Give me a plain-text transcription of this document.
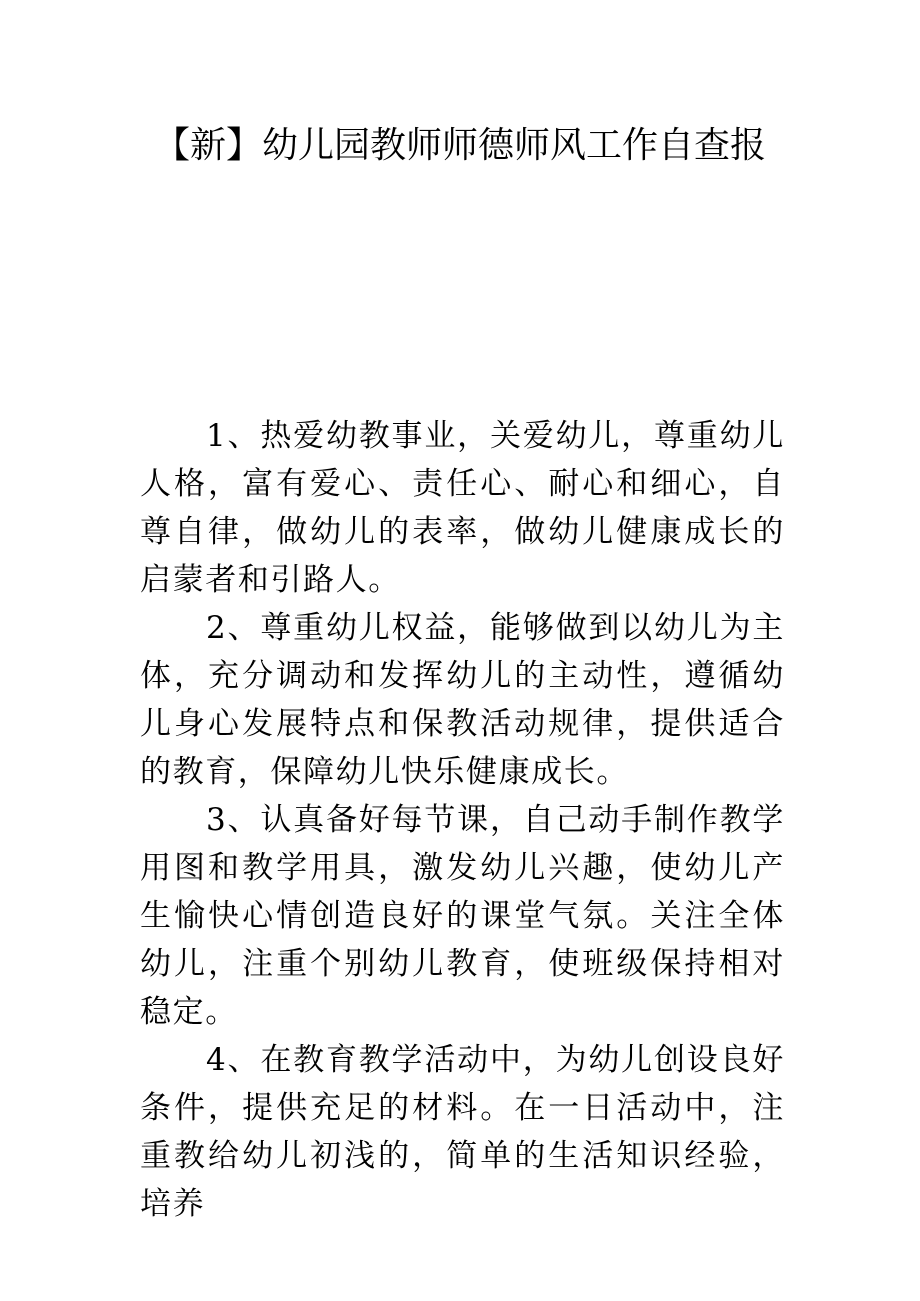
【新】幼儿园教师师德师风工作自查报

1、热爱幼教事业，关爱幼儿，尊重幼儿人格，富有爱心、责任心、耐心和细心，自尊自律，做幼儿的表率，做幼儿健康成长的启蒙者和引路人。

2、尊重幼儿权益，能够做到以幼儿为主体，充分调动和发挥幼儿的主动性，遵循幼儿身心发展特点和保教活动规律，提供适合的教育，保障幼儿快乐健康成长。

3、认真备好每节课，自己动手制作教学用图和教学用具，激发幼儿兴趣，使幼儿产生愉快心情创造良好的课堂气氛。关注全体幼儿，注重个别幼儿教育，使班级保持相对稳定。

4、在教育教学活动中，为幼儿创设良好条件，提供充足的材料。在一日活动中，注重教给幼儿初浅的，简单的生活知识经验，培养
